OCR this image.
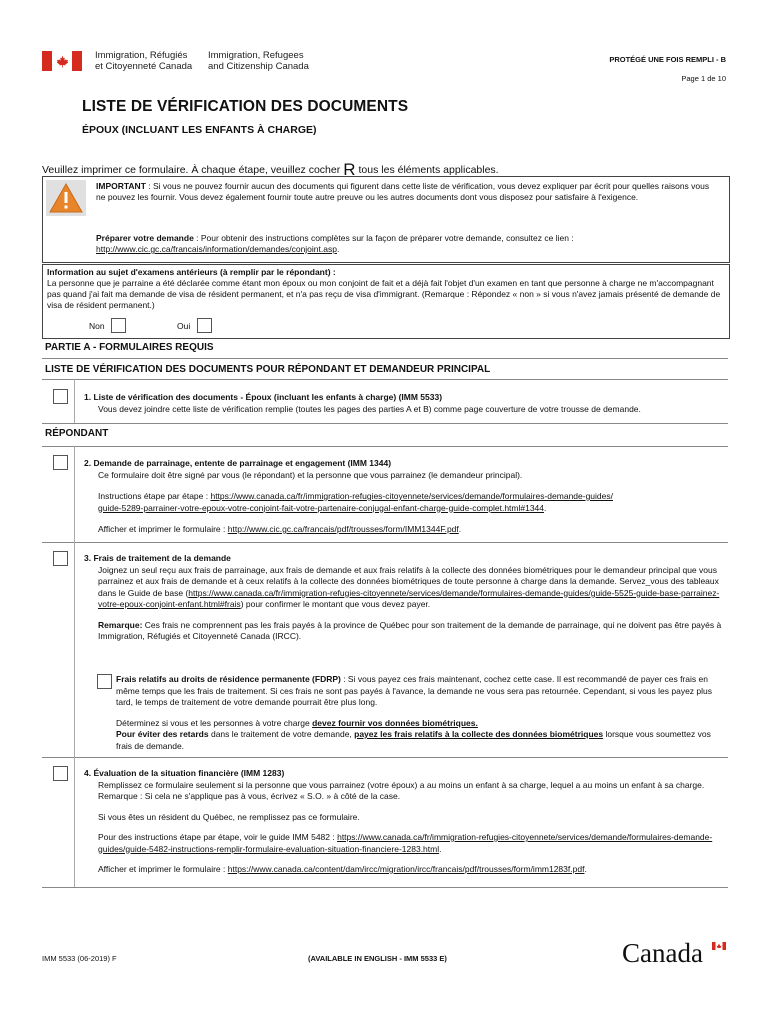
Immigration, Réfugiés
et Citoyenneté Canada
Immigration, Refugees
and Citizenship Canada
PROTÉGÉ UNE FOIS REMPLI - B
Page 1 de 10
LISTE DE VÉRIFICATION DES DOCUMENTS
ÉPOUX (INCLUANT LES ENFANTS À CHARGE)
Veuillez imprimer ce formulaire. À chaque étape, veuillez cocher R tous les éléments applicables.
IMPORTANT : Si vous ne pouvez fournir aucun des documents qui figurent dans cette liste de vérification, vous devez expliquer par écrit pour quelles raisons vous ne pouvez les fournir. Vous devez également fournir toute autre preuve ou les autres documents dont vous disposez pour satisfaire à l'exigence.
Préparer votre demande : Pour obtenir des instructions complètes sur la façon de préparer votre demande, consultez ce lien :
http://www.cic.gc.ca/francais/information/demandes/conjoint.asp.
Information au sujet d'examens antérieurs (à remplir par le répondant) :
La personne que je parraine a été déclarée comme étant mon époux ou mon conjoint de fait et a déjà fait l'objet d'un examen en tant que personne à charge ne m'accompagnant pas quand j'ai fait ma demande de visa de résident permanent, et n'a pas reçu de visa d'immigrant. (Remarque : Répondez « non » si vous n'avez jamais présenté de demande de visa de résident permanent.)
Non	Oui
PARTIE A - FORMULAIRES REQUIS
LISTE DE VÉRIFICATION DES DOCUMENTS POUR RÉPONDANT ET DEMANDEUR PRINCIPAL
1. Liste de vérification des documents - Époux (incluant les enfants à charge) (IMM 5533)
Vous devez joindre cette liste de vérification remplie (toutes les pages des parties A et B) comme page couverture de votre trousse de demande.
RÉPONDANT
2. Demande de parrainage, entente de parrainage et engagement (IMM 1344)
Ce formulaire doit être signé par vous (le répondant) et la personne que vous parrainez (le demandeur principal).
Instructions étape par étape : https://www.canada.ca/fr/immigration-refugies-citoyennete/services/demande/formulaires-demande-guides/
guide-5289-parrainer-votre-epoux-votre-conjoint-fait-votre-partenaire-conjugal-enfant-charge-guide-complet.html#1344.
Afficher et imprimer le formulaire : http://www.cic.gc.ca/francais/pdf/trousses/form/IMM1344F.pdf.
3. Frais de traitement de la demande
Joignez un seul reçu aux frais de parrainage, aux frais de demande et aux frais relatifs à la collecte des données biométriques pour le demandeur principal que vous parrainez et aux frais de demande et à ceux relatifs à la collecte des données biométriques de toute personne à charge dans la demande. Servez_vous des tableaux dans le Guide de base (https://www.canada.ca/fr/immigration-refugies-citoyennete/services/demande/formulaires-demande-guides/guide-5525-guide-base-parrainez-votre-epoux-conjoint-enfant.html#frais) pour confirmer le montant que vous devez payer.
Remarque: Ces frais ne comprennent pas les frais payés à la province de Québec pour son traitement de la demande de parrainage, qui ne doivent pas être payés à Immigration, Réfugiés et Citoyenneté Canada (IRCC).
Frais relatifs au droits de résidence permanente (FDRP) : Si vous payez ces frais maintenant, cochez cette case. Il est recommandé de payer ces frais en même temps que les frais de traitement. Si ces frais ne sont pas payés à l'avance, la demande ne vous sera pas retournée. Cependant, si vous les payez plus tard, le temps de traitement de votre demande pourrait être plus long.
Déterminez si vous et les personnes à votre charge devez fournir vos données biométriques.
Pour éviter des retards dans le traitement de votre demande, payez les frais relatifs à la collecte des données biométriques lorsque vous soumettez vos frais de demande.
4. Évaluation de la situation financière (IMM 1283)
Remplissez ce formulaire seulement si la personne que vous parrainez (votre époux) a au moins un enfant à sa charge, lequel a au moins un enfant à sa charge. Remarque : Si cela ne s'applique pas à vous, écrivez « S.O. » à côté de la case.
Si vous êtes un résident du Québec, ne remplissez pas ce formulaire.
Pour des instructions étape par étape, voir le guide IMM 5482 : https://www.canada.ca/fr/immigration-refugies-citoyennete/services/demande/formulaires-demande-guides/guide-5482-instructions-remplir-formulaire-evaluation-situation-financiere-1283.html.
Afficher et imprimer le formulaire : https://www.canada.ca/content/dam/ircc/migration/ircc/francais/pdf/trousses/form/imm1283f.pdf.
IMM 5533 (06-2019) F	(AVAILABLE IN ENGLISH - IMM 5533 E)	Canada
